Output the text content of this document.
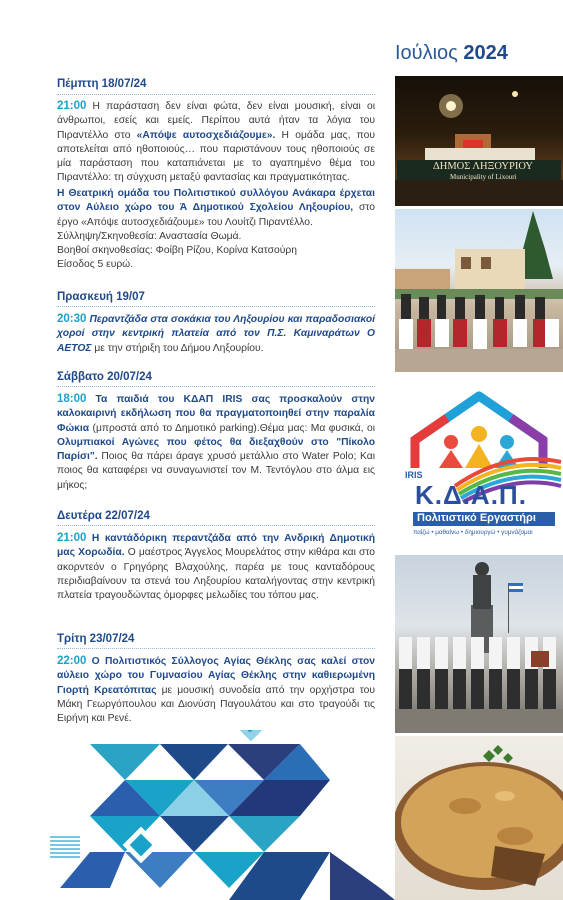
Ιούλιος 2024
Πέμπτη 18/07/24
21:00 Η παράσταση δεν είναι φώτα, δεν είναι μουσική, είναι οι άνθρωποι, εσείς και εμείς. Περίπου αυτά ήταν τα λόγια του Πιραντέλλο στο «Απόψε αυτοσχεδιάζουμε». Η ομάδα μας, που αποτελείται από ηθοποιούς… που παριστάνουν τους ηθοποιούς σε μία παράσταση που καταπιάνεται με το αγαπημένο θέμα του Πιραντέλλο: τη σύγχυση μεταξύ φαντασίας και πραγματικότητας.
Η Θεατρική ομάδα του Πολιτιστικού συλλόγου Ανάκαρα έρχεται στον Αύλειο χώρο του Ά Δημοτικού Σχολείου Ληξουρίου, στο έργο «Απόψε αυτοσχεδιάζουμε» του Λουίτζι Πιραντέλλο.
Σύλληψη/Σκηνοθεσία: Αναστασία Θωμά.
Βοηθοί σκηνοθεσίας: Φοίβη Ρίζου, Κορίνα Κατσούρη
Είσοδος 5 ευρώ.
Πρασκευή 19/07
20:30 Περαντζάδα στα σοκάκια του Ληξουρίου και παραδοσιακοί χοροί στην κεντρική πλατεία από τον Π.Σ. Καμιναράτων Ο ΑΕΤΟΣ με την στήριξη του Δήμου Ληξουρίου.
Σάββατο 20/07/24
18:00 Τα παιδιά του ΚΔΑΠ IRIS σας προσκαλούν στην καλοκαιρινή εκδήλωση που θα πραγματοποιηθεί στην παραλία Φώκια (μπροστά από το Δημοτικό parking).Θέμα μας: Μα φυσικά, οι Ολυμπιακοί Αγώνες που φέτος θα διεξαχθούν στο "Πίκολο Παρίσι". Ποιος θα πάρει άραγε χρυσό μετάλλιο στο Water Polo; Και ποιος θα καταφέρει να συναγωνιστεί τον Μ. Τεντόγλου στο άλμα εις μήκος;
Δευτέρα 22/07/24
21:00 Η καντάδόρικη περαντζάδα από την Ανδρική Δημοτική μας Χορωδία. Ο μαέστρος Άγγελος Μουρελάτος στην κιθάρα και στο ακορντεόν ο Γρηγόρης Βλαχούλης, παρέα με τους κανταδόρους περιδιαβαίνουν τα στενά του Ληξουρίου καταλήγοντας στην κεντρική πλατεία τραγουδώντας όμορφες μελωδίες του τόπου μας.
Τρίτη 23/07/24
22:00 Ο Πολιτιστικός Σύλλογος Αγίας Θέκλης σας καλεί στον αύλειο χώρο του Γυμνασίου Αγίας Θέκλης στην καθιερωμένη Γιορτή Κρεατόπιτας με μουσική συνοδεία από την ορχήστρα του Μάκη Γεωργόπουλου και Διονύση Παγουλάτου και στο τραγούδι τις Ειρήνη και Ρενέ.
ΔΗΜΟΣ ΛΗΞΟΥΡΙΟΥ
Municipality of Lixouri
IRIS
Κ.Δ.Α.Π.
Πολιτιστικό Εργαστήρι
παίζω • μαθαίνω • δημιουργώ • γυμνάζομαι
